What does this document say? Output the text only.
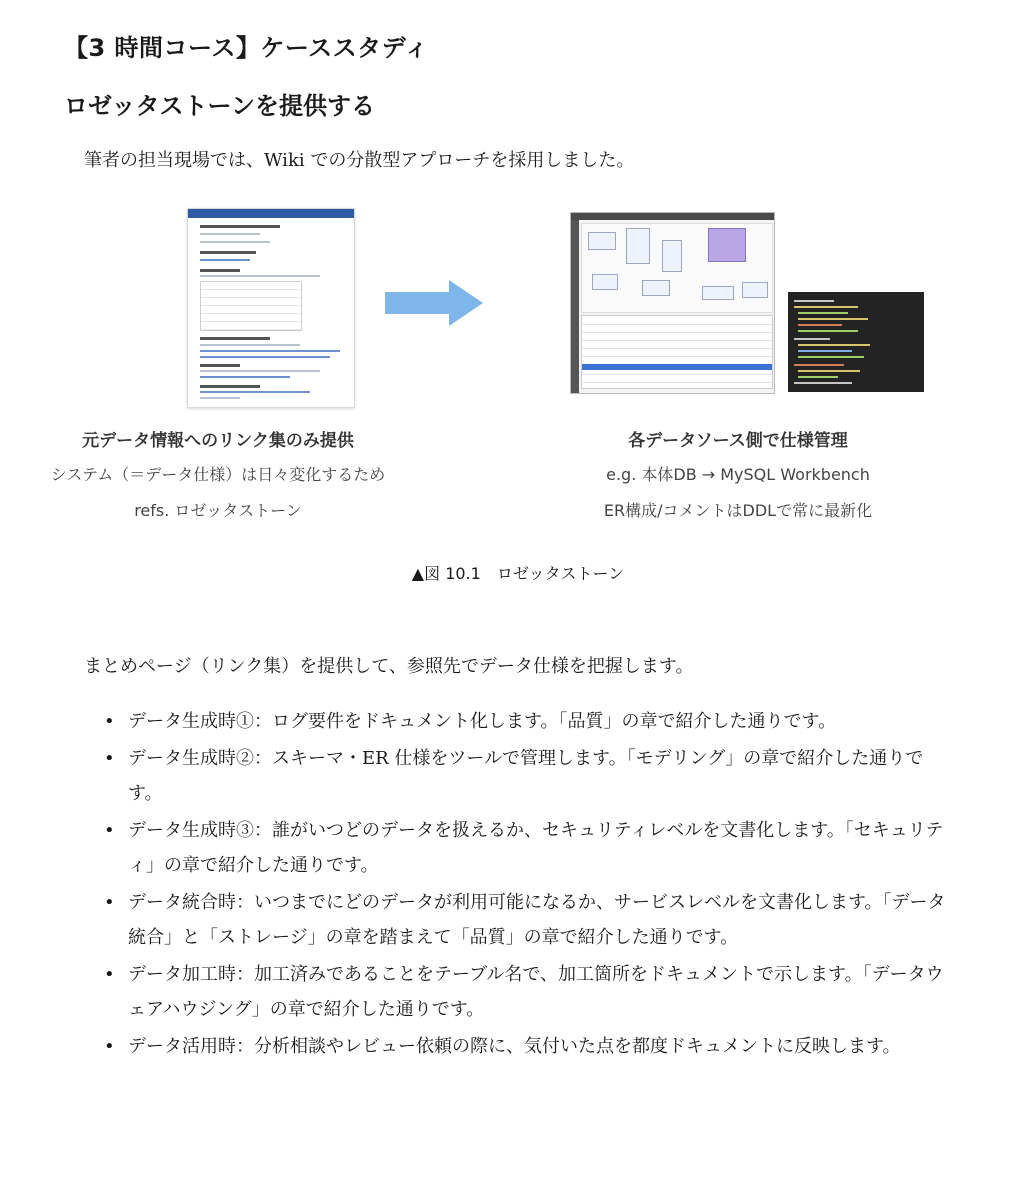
【3 時間コース】ケーススタディ
ロゼッタストーンを提供する
筆者の担当現場では、Wiki での分散型アプローチを採用しました。
元データ情報へのリンク集のみ提供
システム（＝データ仕様）は日々変化するため
refs. ロゼッタストーン
各データソース側で仕様管理
e.g. 本体DB → MySQL Workbench
ER構成/コメントはDDLで常に最新化
▲図 10.1　ロゼッタストーン
まとめページ（リンク集）を提供して、参照先でデータ仕様を把握します。
• データ生成時①：ログ要件をドキュメント化します。「品質」の章で紹介した通りです。
• データ生成時②：スキーマ・ER 仕様をツールで管理します。「モデリング」の章で紹介した通りです。
• データ生成時③：誰がいつどのデータを扱えるか、セキュリティレベルを文書化します。「セキュリティ」の章で紹介した通りです。
• データ統合時：いつまでにどのデータが利用可能になるか、サービスレベルを文書化します。「データ統合」と「ストレージ」の章を踏まえて「品質」の章で紹介した通りです。
• データ加工時：加工済みであることをテーブル名で、加工箇所をドキュメントで示します。「データウェアハウジング」の章で紹介した通りです。
• データ活用時：分析相談やレビュー依頼の際に、気付いた点を都度ドキュメントに反映します。
